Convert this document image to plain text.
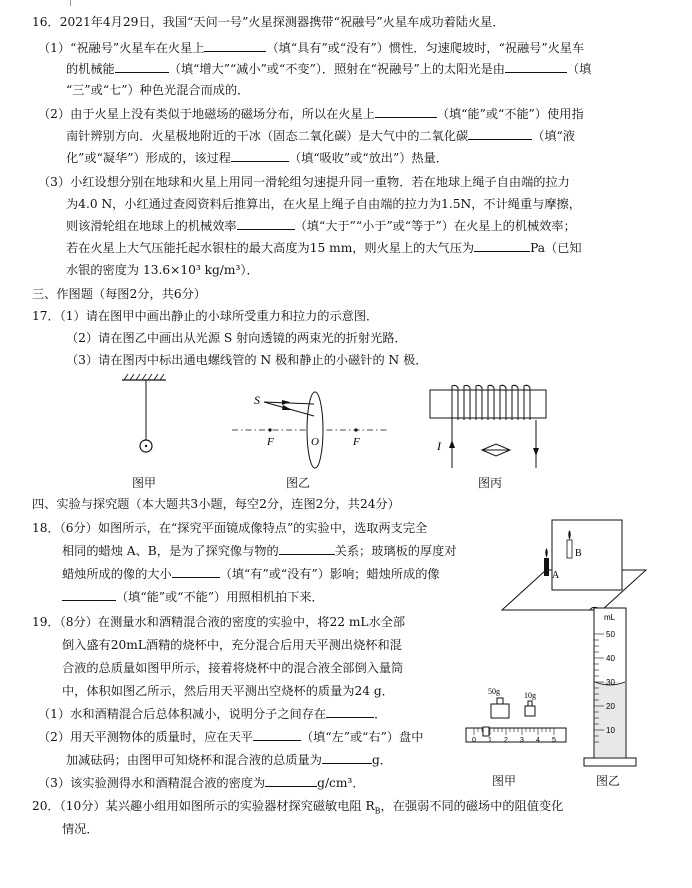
16．2021年4月29日，我国“天问一号”火星探测器携带“祝融号”火星车成功着陆火星．
（1）“祝融号”火星车在火星上	（填“具有”或“没有”）惯性．匀速爬坡时，“祝融号”火星车
的机械能	（填“增大”“减小”或“不变”）．照射在“祝融号”上的太阳光是由	（填
“三”或“七”）种色光混合而成的．
（2）由于火星上没有类似于地磁场的磁场分布，所以在火星上	（填“能”或“不能”）使用指
南针辨别方向．火星极地附近的干冰（固态二氧化碳）是大气中的二氧化碳	（填“液
化”或“凝华”）形成的，该过程	（填“吸收”或“放出”）热量．
（3）小红设想分别在地球和火星上用同一滑轮组匀速提升同一重物．若在地球上绳子自由端的拉力
为4.0 N，小红通过查阅资料后推算出，在火星上绳子自由端的拉力为1.5N，不计绳重与摩擦，
则该滑轮组在地球上的机械效率	（填“大于”“小于”或“等于”）在火星上的机械效率；
若在火星上大气压能托起水银柱的最大高度为15 mm，则火星上的大气压为	Pa（已知
水银的密度为 13.6×10³ kg/m³）．
三、作图题（每图2分，共6分）
17．（1）请在图甲中画出静止的小球所受重力和拉力的示意图．
（2）请在图乙中画出从光源 S 射向透镜的两束光的折射光路．
（3）请在图丙中标出通电螺线管的 N 极和静止的小磁针的 N 极．
图甲
S
F	O	F
图乙
I
图丙
四、实验与探究题（本大题共3小题，每空2分，连图2分，共24分）
18．（6分）如图所示，在“探究平面镜成像特点”的实验中，选取两支完全
相同的蜡烛 A、B，是为了探究像与物的	关系；玻璃板的厚度对
蜡烛所成的像的大小	（填“有”或“没有”）影响；蜡烛所成的像
（填“能”或“不能”）用照相机拍下来．
A
B
19．（8分）在测量水和酒精混合液的密度的实验中，将22 mL水全部
倒入盛有20mL酒精的烧杯中，充分混合后用天平测出烧杯和混
合液的总质量如图甲所示，接着将烧杯中的混合液全部倒入量筒
中，体积如图乙所示，然后用天平测出空烧杯的质量为24 g．
（1）水和酒精混合后总体积减小，说明分子之间存在	．
（2）用天平测物体的质量时，应在天平	（填“左”或“右”）盘中
加减砝码；由图甲可知烧杯和混合液的总质量为	g．
（3）该实验测得水和酒精混合液的密度为	g/cm³．
50g	10g
0 1 2 3 4 5
图甲
mL
50
40
30
20
10
图乙
20．（10分）某兴趣小组用如图所示的实验器材探究磁敏电阻 $R_B$，在强弱不同的磁场中的阻值变化
情况．
